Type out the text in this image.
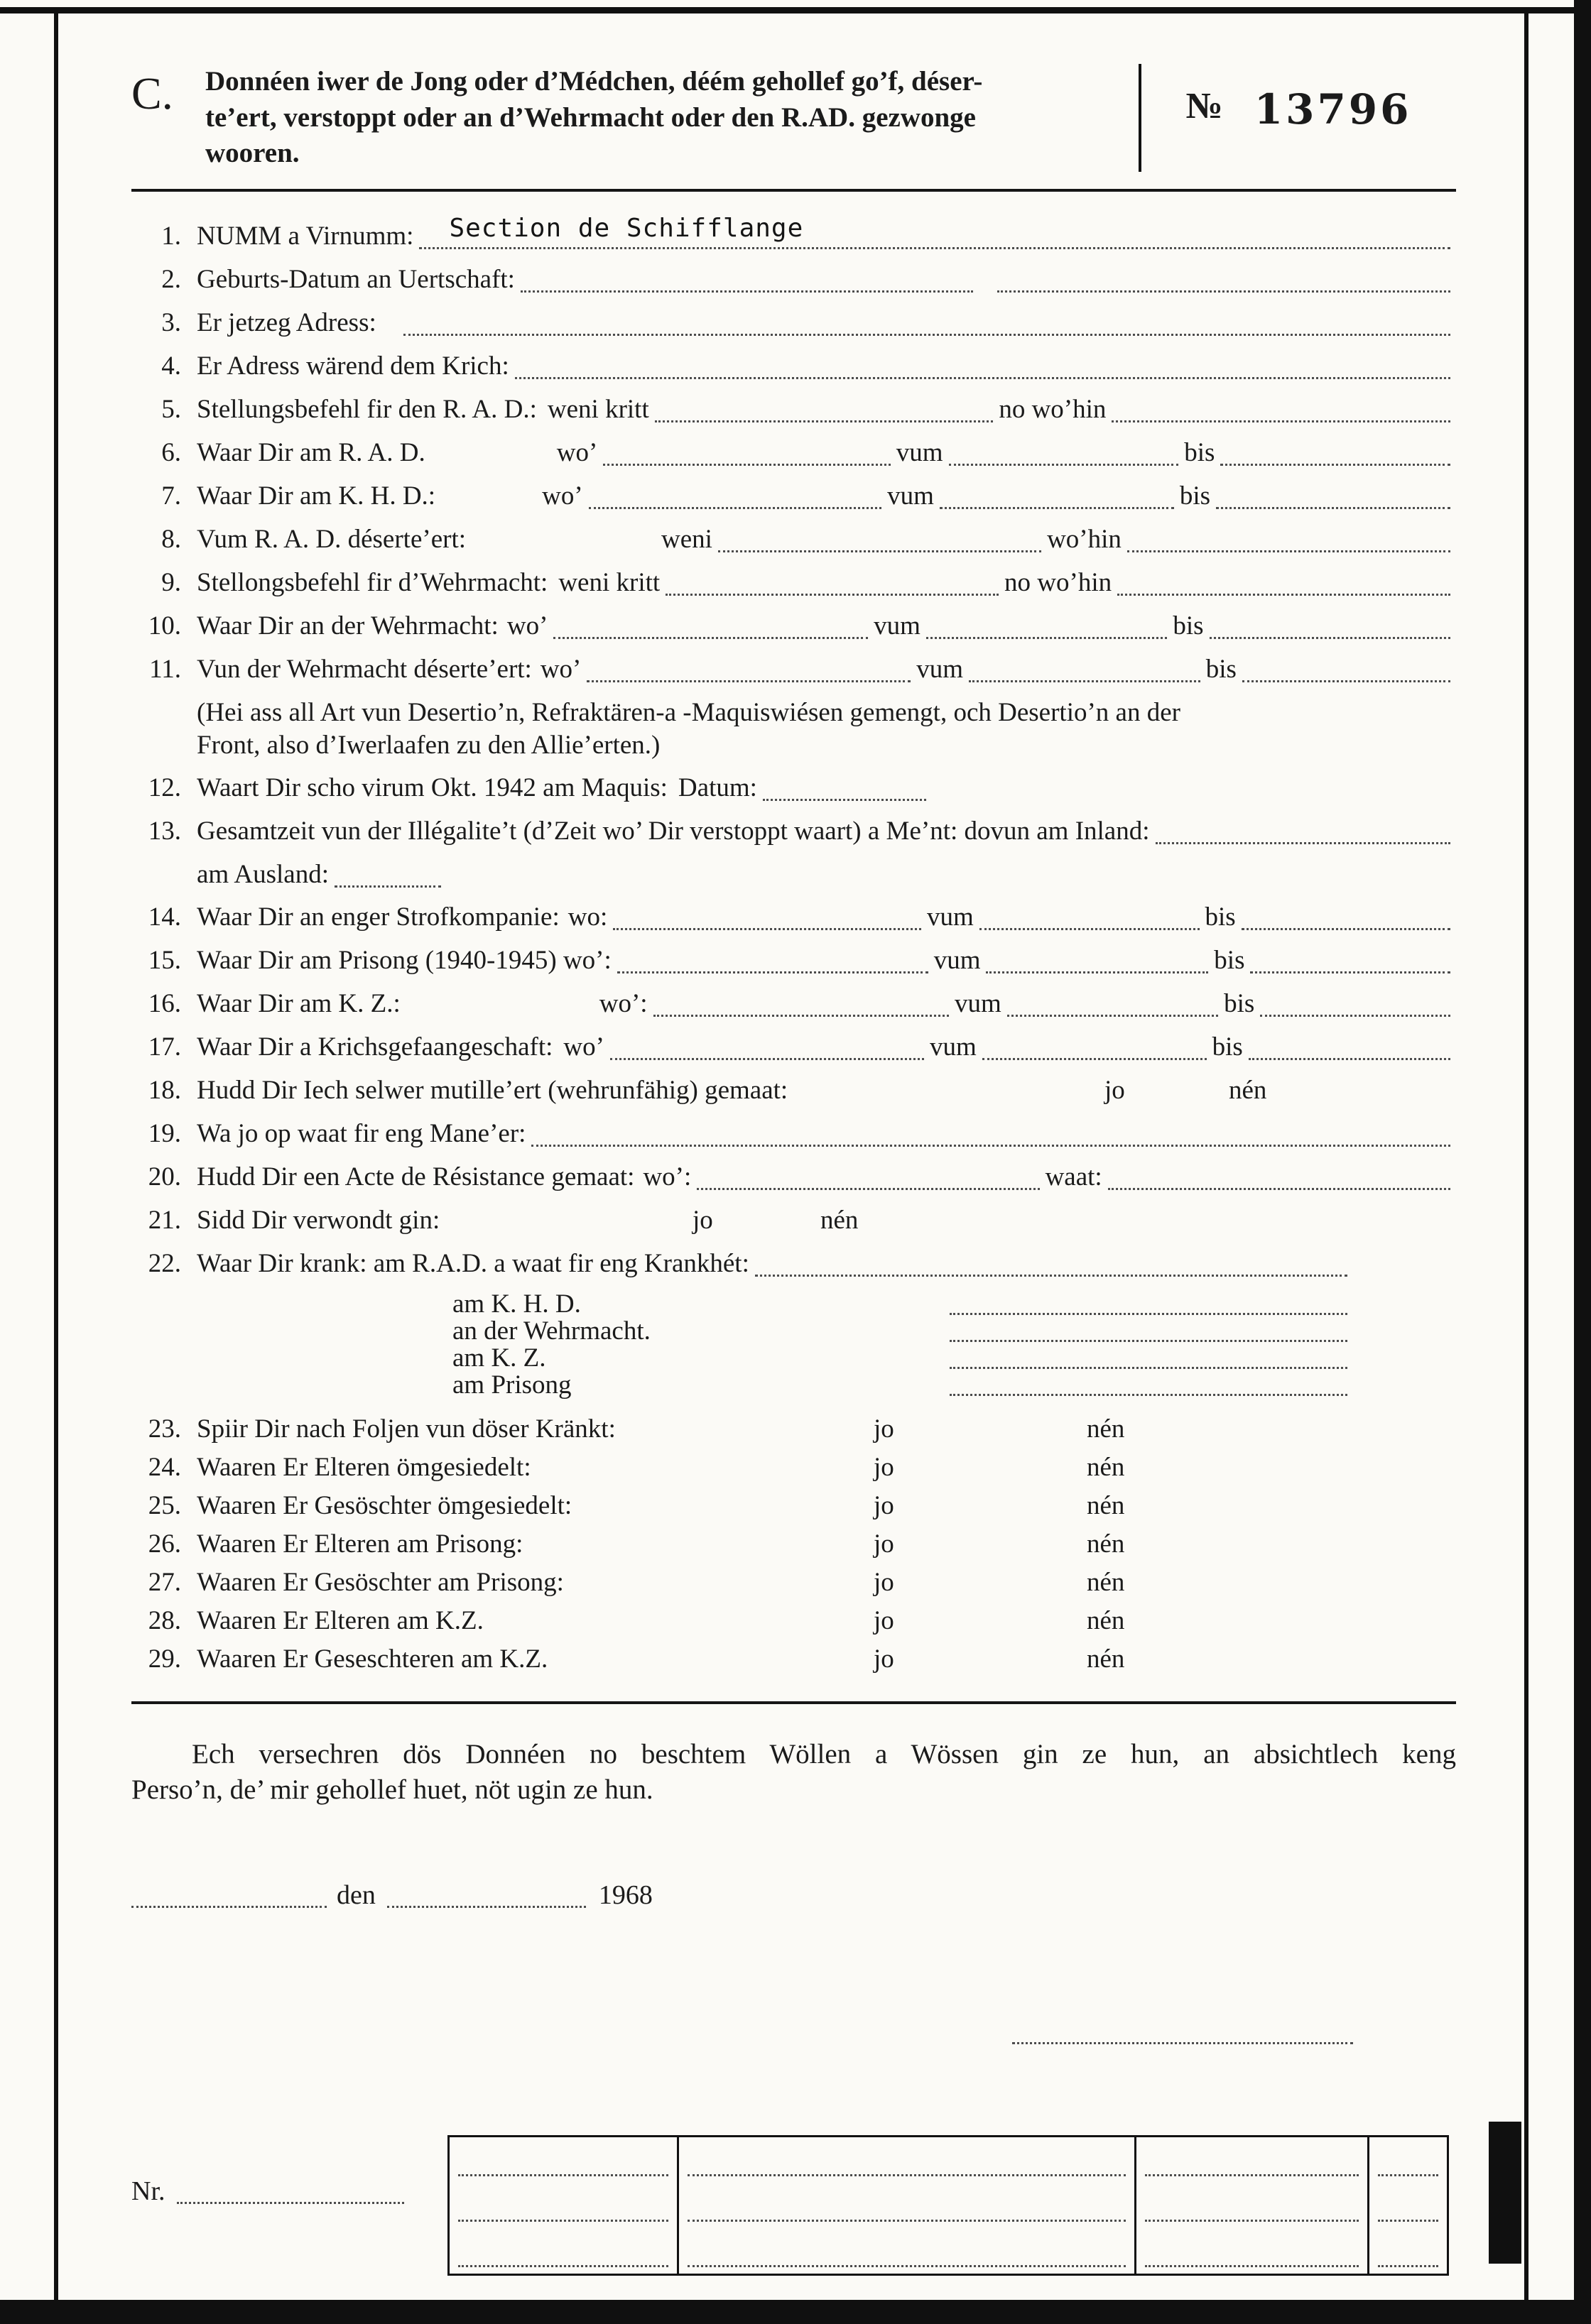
C.	Donnéen iwer de Jong oder d’Médchen, déém gehollef go’f, déser-
te’ert, verstoppt oder an d’Wehrmacht oder den R.AD. gezwonge
wooren.
№ 13796
1. NUMM a Virnumm: Section de Schifflange
2. Geburts-Datum an Uertschaft:
3. Er jetzeg Adress:
4. Er Adress wärend dem Krich:
5. Stellungsbefehl fir den R. A. D.: weni kritt	no wo’hin
6. Waar Dir am R. A. D.	wo’	vum	bis
7. Waar Dir am K. H. D.:	wo’	vum	bis
8. Vum R. A. D. déserte’ert:	weni	wo’hin
9. Stellongsbefehl fir d’Wehrmacht: weni kritt	no wo’hin
10. Waar Dir an der Wehrmacht: wo’	vum	bis
11. Vun der Wehrmacht déserte’ert: wo’	vum	bis
(Hei ass all Art vun Desertio’n, Refraktären-a -Maquiswiésen gemengt, och Desertio’n an der
Front, also d’Iwerlaafen zu den Allie’erten.)
12. Waart Dir scho virum Okt. 1942 am Maquis: Datum:
13. Gesamtzeit vun der Illégalite’t (d’Zeit wo’ Dir verstoppt waart) a Me’nt: dovun am Inland:
am Ausland:
14. Waar Dir an enger Strofkompanie: wo:	vum	bis
15. Waar Dir am Prisong (1940-1945) wo’:	vum	bis
16. Waar Dir am K. Z.:	wo’:	vum	bis
17. Waar Dir a Krichsgefaangeschaft: wo’	vum	bis
18. Hudd Dir Iech selwer mutille’ert (wehrunfähig) gemaat:	jo	nén
19. Wa jo op waat fir eng Mane’er:
20. Hudd Dir een Acte de Résistance gemaat: wo’:	waat:
21. Sidd Dir verwondt gin:	jo	nén
22. Waar Dir krank: am R.A.D. a waat fir eng Krankhét:
am K. H. D.
an der Wehrmacht.
am K. Z.
am Prisong
23. Spiir Dir nach Foljen vun döser Kränkt:	jo	nén
24. Waaren Er Elteren ömgesiedelt:	jo	nén
25. Waaren Er Gesöschter ömgesiedelt:	jo	nén
26. Waaren Er Elteren am Prisong:	jo	nén
27. Waaren Er Gesöschter am Prisong:	jo	nén
28. Waaren Er Elteren am K.Z.	jo	nén
29. Waaren Er Geseschteren am K.Z.	jo	nén
Ech versechren dös Donnéen no beschtem Wöllen a Wössen gin ze hun, an absichtlech keng
Perso’n, de’ mir gehollef huet, nöt ugin ze hun.
den	1968
Nr.
